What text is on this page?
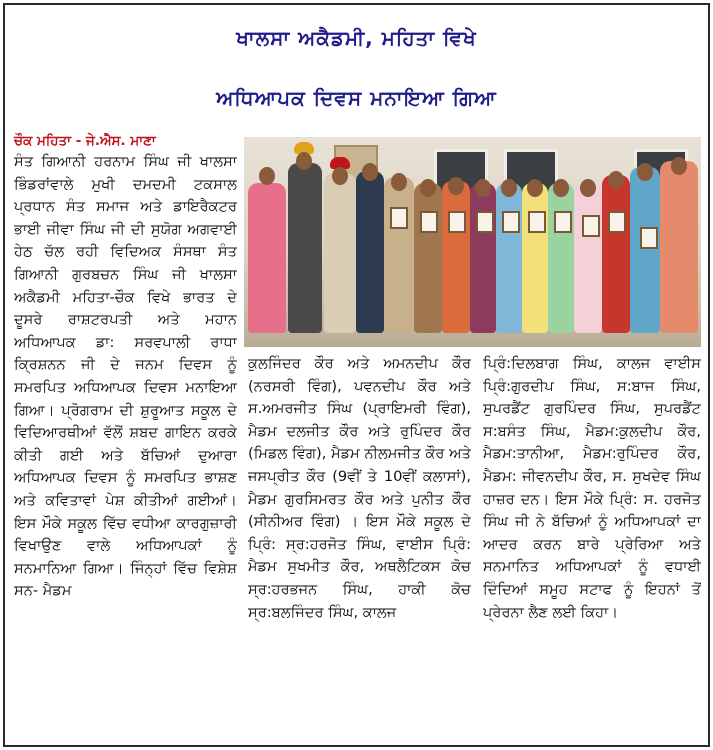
ਖਾਲਸਾ ਅਕੈਡਮੀ, ਮਹਿਤਾ ਵਿਖੇ
ਅਧਿਆਪਕ ਦਿਵਸ ਮਨਾਇਆ ਗਿਆ
ਚੌਕ ਮਹਿਤਾ - ਜੇ.ਐਸ. ਮਾਣਾ
ਸੰਤ ਗਿਆਨੀ ਹਰਨਾਮ ਸਿੰਘ ਜੀ ਖਾਲਸਾ ਭਿੰਡਰਾਂਵਾਲੇ ਮੁਖੀ ਦਮਦਮੀ ਟਕਸਾਲ ਪ੍ਰਧਾਨ ਸੰਤ ਸਮਾਜ ਅਤੇ ਡਾਇਰੈਕਟਰ ਭਾਈ ਜੀਵਾ ਸਿੰਘ ਜੀ ਦੀ ਸੁਯੋਗ ਅਗਵਾਈ ਹੇਠ ਚੱਲ ਰਹੀ ਵਿਦਿਅਕ ਸੰਸਥਾ ਸੰਤ ਗਿਆਨੀ ਗੁਰਬਚਨ ਸਿੰਘ ਜੀ ਖਾਲਸਾ ਅਕੈਡਮੀ ਮਹਿਤਾ-ਚੌਕ ਵਿਖੇ ਭਾਰਤ ਦੇ ਦੂਸਰੇ ਰਾਸ਼ਟਰਪਤੀ ਅਤੇ ਮਹਾਨ ਅਧਿਆਪਕ ਡਾ: ਸਰਵਪਾਲੀ ਰਾਧਾ ਕ੍ਰਿਸ਼ਨਨ ਜੀ ਦੇ ਜਨਮ ਦਿਵਸ ਨੂੰ ਸਮਰਪਿਤ ਅਧਿਆਪਕ ਦਿਵਸ ਮਨਾਇਆ ਗਿਆ। ਪ੍ਰੋਗਰਾਮ ਦੀ ਸ਼ੁਰੂਆਤ ਸਕੂਲ ਦੇ ਵਿਦਿਆਰਥੀਆਂ ਵੱਲੋਂ ਸ਼ਬਦ ਗਾਇਨ ਕਰਕੇ ਕੀਤੀ ਗਈ ਅਤੇ ਬੱਚਿਆਂ ਦੁਆਰਾ ਅਧਿਆਪਕ ਦਿਵਸ ਨੂੰ ਸਮਰਪਿਤ ਭਾਸ਼ਣ ਅਤੇ ਕਵਿਤਾਵਾਂ ਪੇਸ਼ ਕੀਤੀਆਂ ਗਈਆਂ। ਇਸ ਮੌਕੇ ਸਕੂਲ ਵਿੱਚ ਵਧੀਆ ਕਾਰਗੁਜ਼ਾਰੀ ਵਿਖਾਉਣ ਵਾਲੇ ਅਧਿਆਪਕਾਂ ਨੂੰ ਸਨਮਾਨਿਆ ਗਿਆ। ਜਿੰਨ੍ਹਾਂ ਵਿੱਚ ਵਿਸ਼ੇਸ਼ ਸਨ- ਮੈਡਮ
ਕੁਲਜਿੰਦਰ ਕੌਰ ਅਤੇ ਅਮਨਦੀਪ ਕੌਰ (ਨਰਸਰੀ ਵਿੰਗ), ਪਵਨਦੀਪ ਕੌਰ ਅਤੇ ਸ.ਅਮਰਜੀਤ ਸਿੰਘ (ਪ੍ਰਾਇਮਰੀ ਵਿੰਗ), ਮੈਡਮ ਦਲਜੀਤ ਕੌਰ ਅਤੇ ਰੁਪਿੰਦਰ ਕੌਰ (ਮਿਡਲ ਵਿੰਗ), ਮੈਡਮ ਨੀਲਮਜੀਤ ਕੌਰ ਅਤੇ ਜਸਪ੍ਰੀਤ ਕੌਰ (9ਵੀਂ ਤੇ 10ਵੀਂ ਕਲਾਸਾਂ), ਮੈਡਮ ਗੁਰਸਿਮਰਤ ਕੌਰ ਅਤੇ ਪੁਨੀਤ ਕੌਰ (ਸੀਨੀਅਰ ਵਿੰਗ) । ਇਸ ਮੌਕੇ ਸਕੂਲ ਦੇ ਪ੍ਰਿੰ: ਸ੍ਰ:ਹਰਜੋਤ ਸਿੰਘ, ਵਾਈਸ ਪ੍ਰਿੰ: ਮੈਡਮ ਸੁਖਮੀਤ ਕੌਰ, ਅਥਲੈਟਿਕਸ ਕੋਚ ਸ੍ਰ:ਹਰਭਜਨ ਸਿੰਘ, ਹਾਕੀ ਕੋਚ ਸ੍ਰ:ਬਲਜਿੰਦਰ ਸਿੰਘ, ਕਾਲਜ
ਪ੍ਰਿੰ:ਦਿਲਬਾਗ ਸਿੰਘ, ਕਾਲਜ ਵਾਈਸ ਪ੍ਰਿੰ:ਗੁਰਦੀਪ ਸਿੰਘ, ਸ:ਬਾਜ ਸਿੰਘ, ਸੁਪਰਡੈਂਟ ਗੁਰਪਿੰਦਰ ਸਿੰਘ, ਸੁਪਰਡੈਂਟ ਸ:ਬਸੰਤ ਸਿੰਘ, ਮੈਡਮ:ਕੁਲਦੀਪ ਕੌਰ, ਮੈਡਮ:ਤਾਨੀਆ, ਮੈਡਮ:ਰੁਪਿੰਦਰ ਕੌਰ, ਮੈਡਮ: ਜੀਵਨਦੀਪ ਕੌਰ, ਸ. ਸੁਖਦੇਵ ਸਿੰਘ ਹਾਜ਼ਰ ਦਨ। ਇਸ ਮੌਕੇ ਪ੍ਰਿੰ: ਸ. ਹਰਜੋਤ ਸਿੰਘ ਜੀ ਨੇ ਬੱਚਿਆਂ ਨੂੰ ਅਧਿਆਪਕਾਂ ਦਾ ਆਦਰ ਕਰਨ ਬਾਰੇ ਪ੍ਰੇਰਿਆ ਅਤੇ ਸਨਮਾਨਿਤ ਅਧਿਆਪਕਾਂ ਨੂੰ ਵਧਾਈ ਦਿੰਦਿਆਂ ਸਮੂਹ ਸਟਾਫ ਨੂੰ ਇਹਨਾਂ ਤੋਂ ਪ੍ਰੇਰਨਾ ਲੈਣ ਲਈ ਕਿਹਾ।
